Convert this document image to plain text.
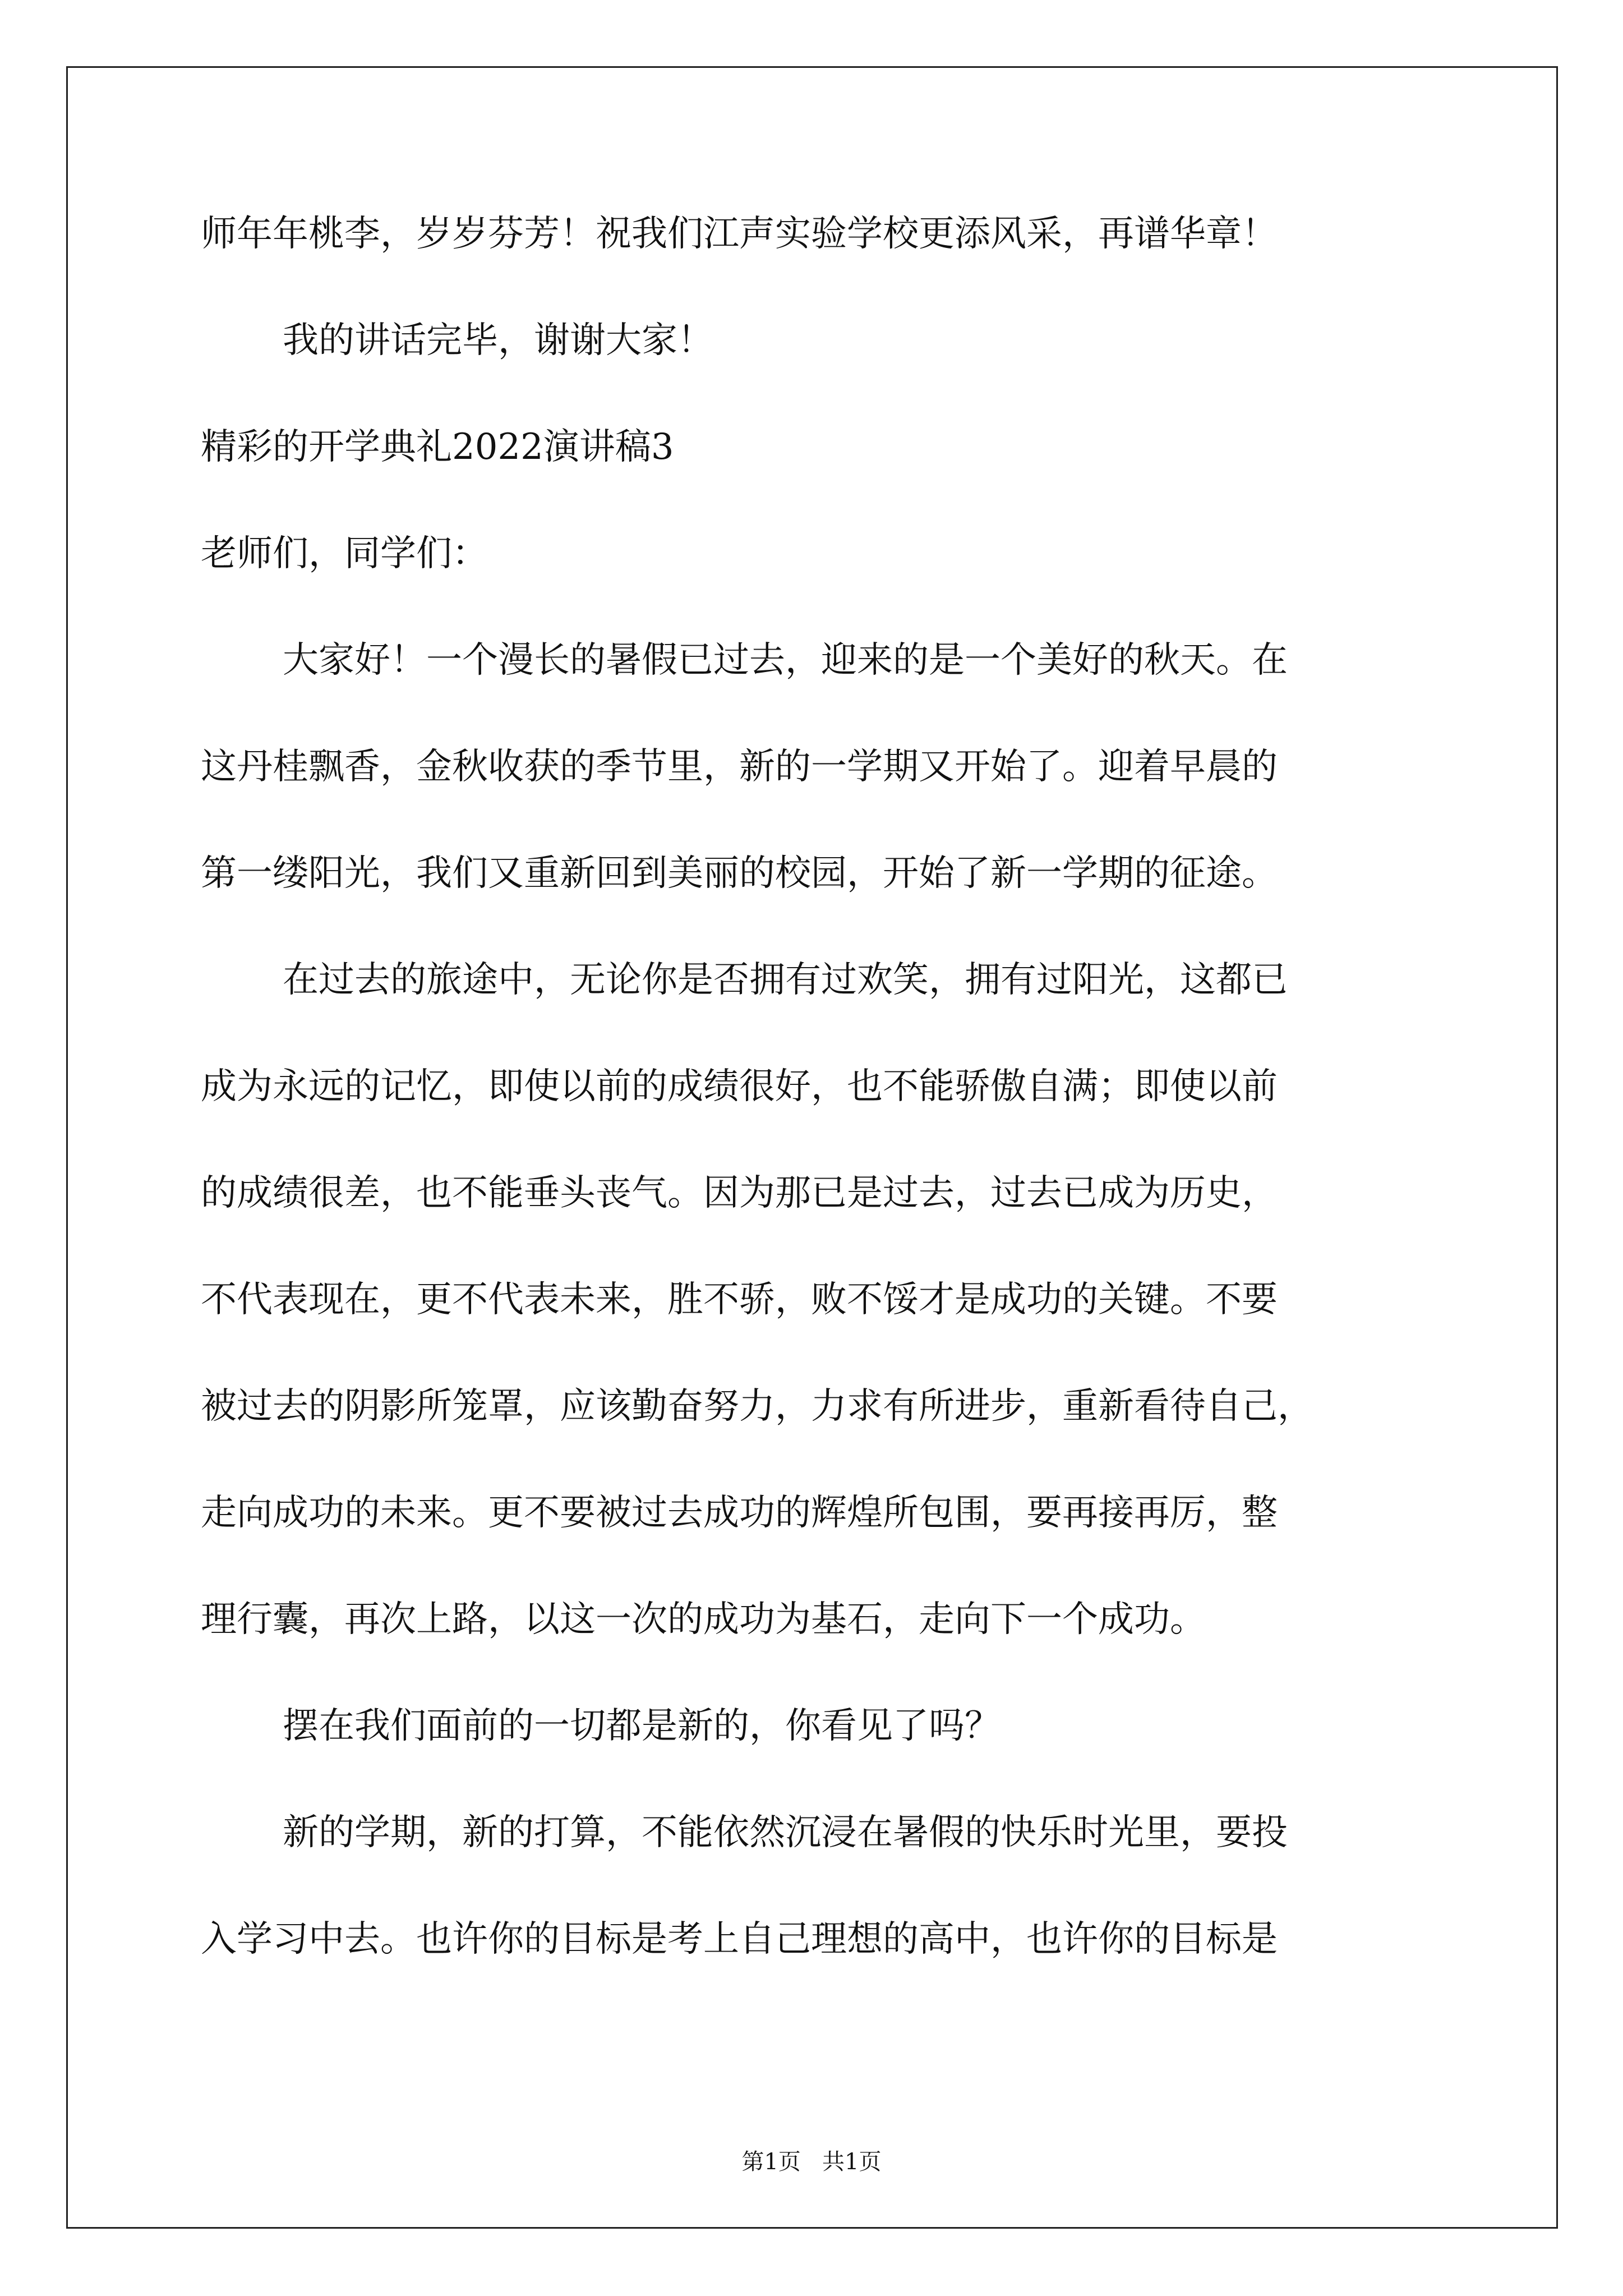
师年年桃李，岁岁芬芳！祝我们江声实验学校更添风采，再谱华章！

我的讲话完毕，谢谢大家！

精彩的开学典礼2022演讲稿3

老师们，同学们：

大家好！一个漫长的暑假已过去，迎来的是一个美好的秋天。在

这丹桂飘香，金秋收获的季节里，新的一学期又开始了。迎着早晨的

第一缕阳光，我们又重新回到美丽的校园，开始了新一学期的征途。

在过去的旅途中，无论你是否拥有过欢笑，拥有过阳光，这都已

成为永远的记忆，即使以前的成绩很好，也不能骄傲自满；即使以前

的成绩很差，也不能垂头丧气。因为那已是过去，过去已成为历史，

不代表现在，更不代表未来，胜不骄，败不馁才是成功的关键。不要

被过去的阴影所笼罩，应该勤奋努力，力求有所进步，重新看待自己，

走向成功的未来。更不要被过去成功的辉煌所包围，要再接再厉，整

理行囊，再次上路，以这一次的成功为基石，走向下一个成功。

摆在我们面前的一切都是新的，你看见了吗？

新的学期，新的打算，不能依然沉浸在暑假的快乐时光里，要投

入学习中去。也许你的目标是考上自己理想的高中，也许你的目标是

第1页   共1页
